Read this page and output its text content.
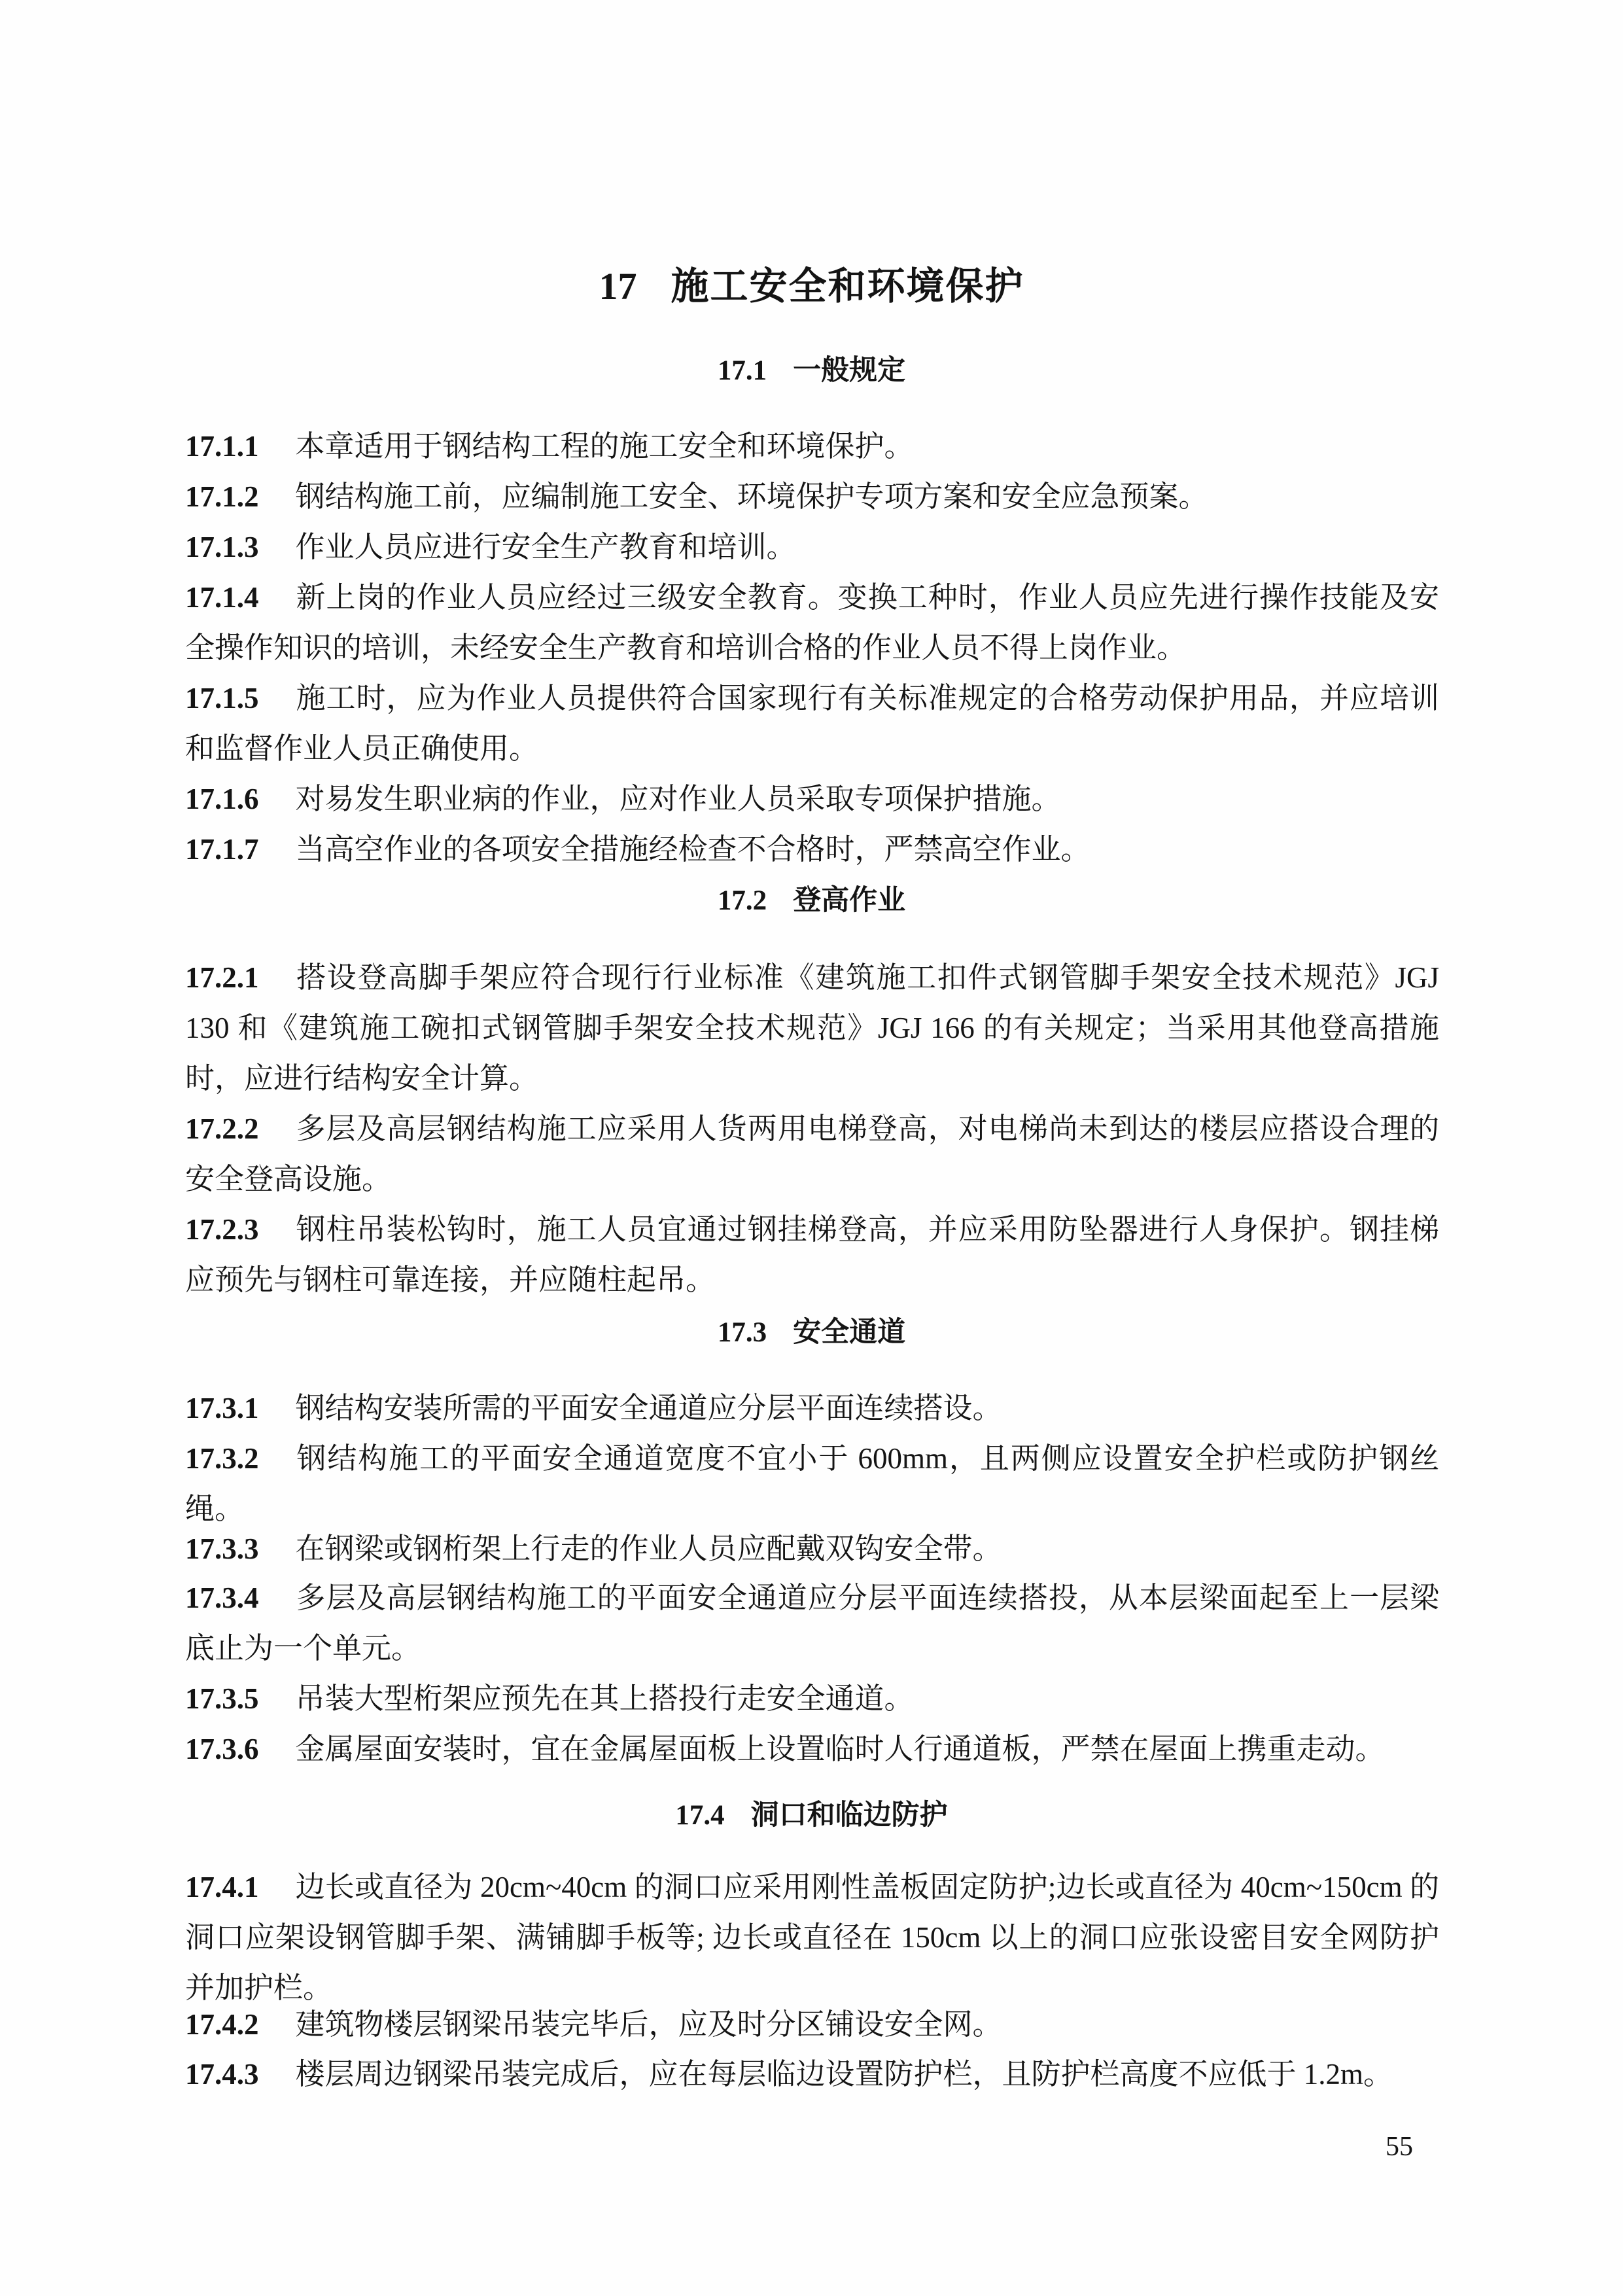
17 施工安全和环境保护
17.1 一般规定
17.1.1 本章适用于钢结构工程的施工安全和环境保护。
17.1.2 钢结构施工前，应编制施工安全、环境保护专项方案和安全应急预案。
17.1.3 作业人员应进行安全生产教育和培训。
17.1.4 新上岗的作业人员应经过三级安全教育。变换工种时，作业人员应先进行操作技能及安全操作知识的培训，未经安全生产教育和培训合格的作业人员不得上岗作业。
17.1.5 施工时，应为作业人员提供符合国家现行有关标准规定的合格劳动保护用品，并应培训和监督作业人员正确使用。
17.1.6 对易发生职业病的作业，应对作业人员采取专项保护措施。
17.1.7 当高空作业的各项安全措施经检查不合格时，严禁高空作业。
17.2 登高作业
17.2.1 搭设登高脚手架应符合现行行业标准《建筑施工扣件式钢管脚手架安全技术规范》JGJ 130 和《建筑施工碗扣式钢管脚手架安全技术规范》JGJ 166 的有关规定；当采用其他登高措施时，应进行结构安全计算。
17.2.2 多层及高层钢结构施工应采用人货两用电梯登高，对电梯尚未到达的楼层应搭设合理的安全登高设施。
17.2.3 钢柱吊装松钩时，施工人员宜通过钢挂梯登高，并应采用防坠器进行人身保护。钢挂梯应预先与钢柱可靠连接，并应随柱起吊。
17.3 安全通道
17.3.1 钢结构安装所需的平面安全通道应分层平面连续搭设。
17.3.2 钢结构施工的平面安全通道宽度不宜小于 600mm，且两侧应设置安全护栏或防护钢丝绳。
17.3.3 在钢梁或钢桁架上行走的作业人员应配戴双钩安全带。
17.3.4 多层及高层钢结构施工的平面安全通道应分层平面连续搭投，从本层梁面起至上一层梁底止为一个单元。
17.3.5 吊装大型桁架应预先在其上搭投行走安全通道。
17.3.6 金属屋面安装时，宜在金属屋面板上设置临时人行通道板，严禁在屋面上携重走动。
17.4 洞口和临边防护
17.4.1 边长或直径为 20cm~40cm 的洞口应采用刚性盖板固定防护;边长或直径为 40cm~150cm 的洞口应架设钢管脚手架、满铺脚手板等; 边长或直径在 150cm 以上的洞口应张设密目安全网防护并加护栏。
17.4.2 建筑物楼层钢梁吊装完毕后，应及时分区铺设安全网。
17.4.3 楼层周边钢梁吊装完成后，应在每层临边设置防护栏，且防护栏高度不应低于 1.2m。
55
